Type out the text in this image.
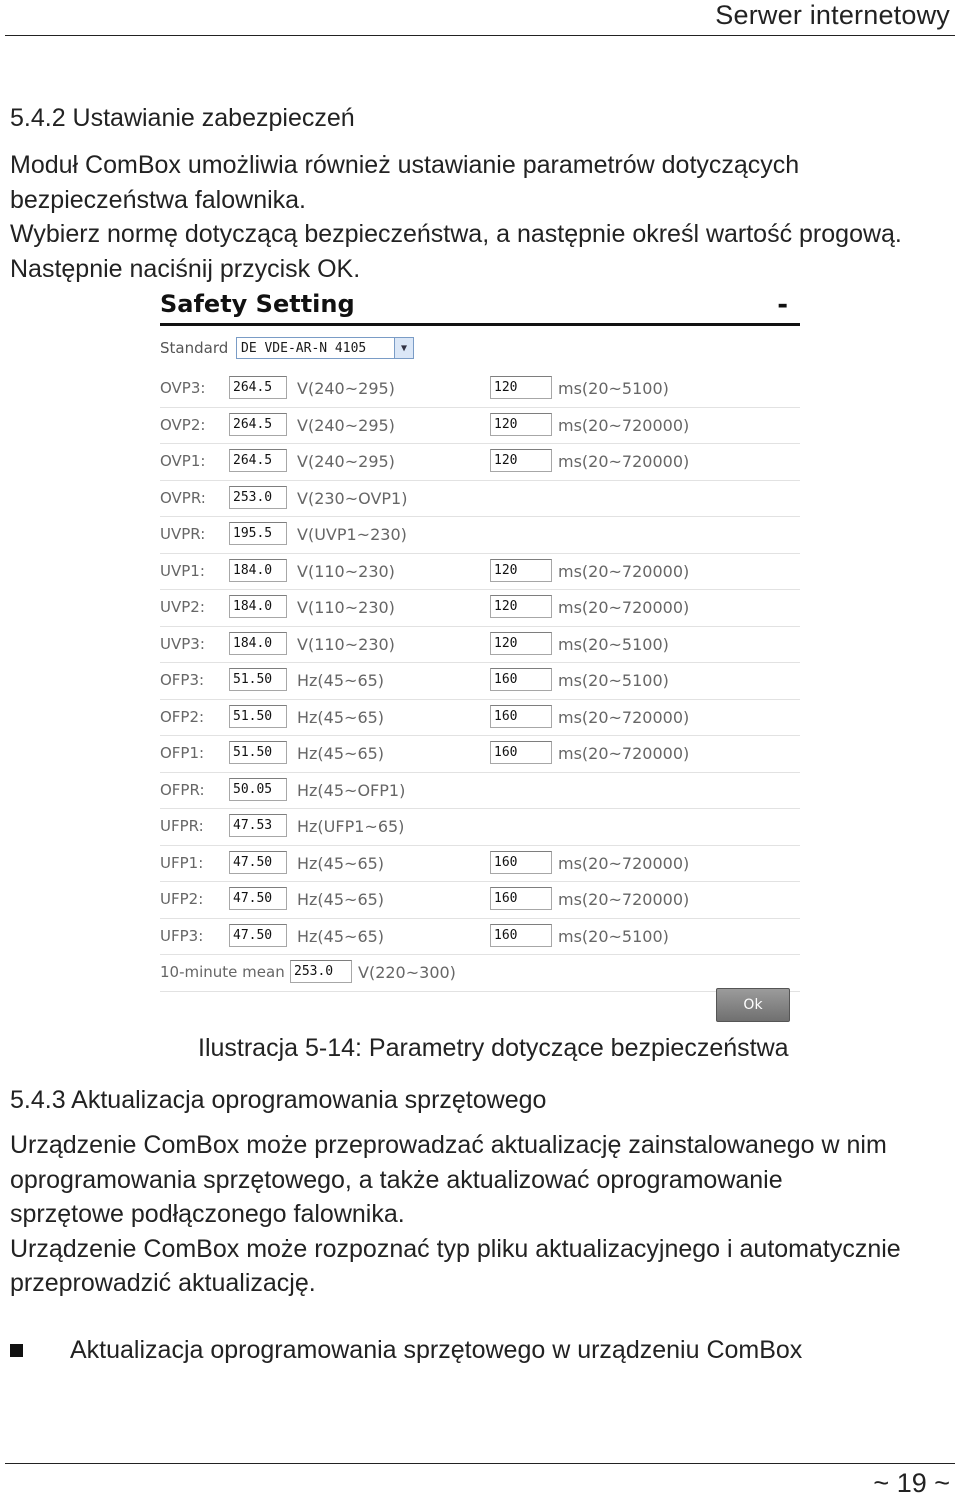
Serwer internetowy
5.4.2 Ustawianie zabezpieczeń

Moduł ComBox umożliwia również ustawianie parametrów dotyczących

bezpieczeństwa falownika.

Wybierz normę dotyczącą bezpieczeństwa, a następnie określ wartość progową.

Następnie naciśnij przycisk OK.

Safety Setting	-
Standard DE VDE-AR-N 4105	▼
OVP3:	264.5	V(240~295)	120	ms(20~5100)
OVP2:	264.5	V(240~295)	120	ms(20~720000)
OVP1:	264.5	V(240~295)	120	ms(20~720000)
OVPR:	253.0	V(230~OVP1)
UVPR:	195.5	V(UVP1~230)
UVP1:	184.0	V(110~230)	120	ms(20~720000)
UVP2:	184.0	V(110~230)	120	ms(20~720000)
UVP3:	184.0	V(110~230)	120	ms(20~5100)
OFP3:	51.50	Hz(45~65)	160	ms(20~5100)
OFP2:	51.50	Hz(45~65)	160	ms(20~720000)
OFP1:	51.50	Hz(45~65)	160	ms(20~720000)
OFPR:	50.05	Hz(45~OFP1)
UFPR:	47.53	Hz(UFP1~65)
UFP1:	47.50	Hz(45~65)	160	ms(20~720000)
UFP2:	47.50	Hz(45~65)	160	ms(20~720000)
UFP3:	47.50	Hz(45~65)	160	ms(20~5100)
10-minute mean 253.0	V(220~300)
Ok
Ilustracja 5-14: Parametry dotyczące bezpieczeństwa
5.4.3 Aktualizacja oprogramowania sprzętowego

Urządzenie ComBox może przeprowadzać aktualizację zainstalowanego w nim

oprogramowania sprzętowego, a także aktualizować oprogramowanie

sprzętowe podłączonego falownika.

Urządzenie ComBox może rozpoznać typ pliku aktualizacyjnego i automatycznie

przeprowadzić aktualizację.

Aktualizacja oprogramowania sprzętowego w urządzeniu ComBox
~ 19 ~
